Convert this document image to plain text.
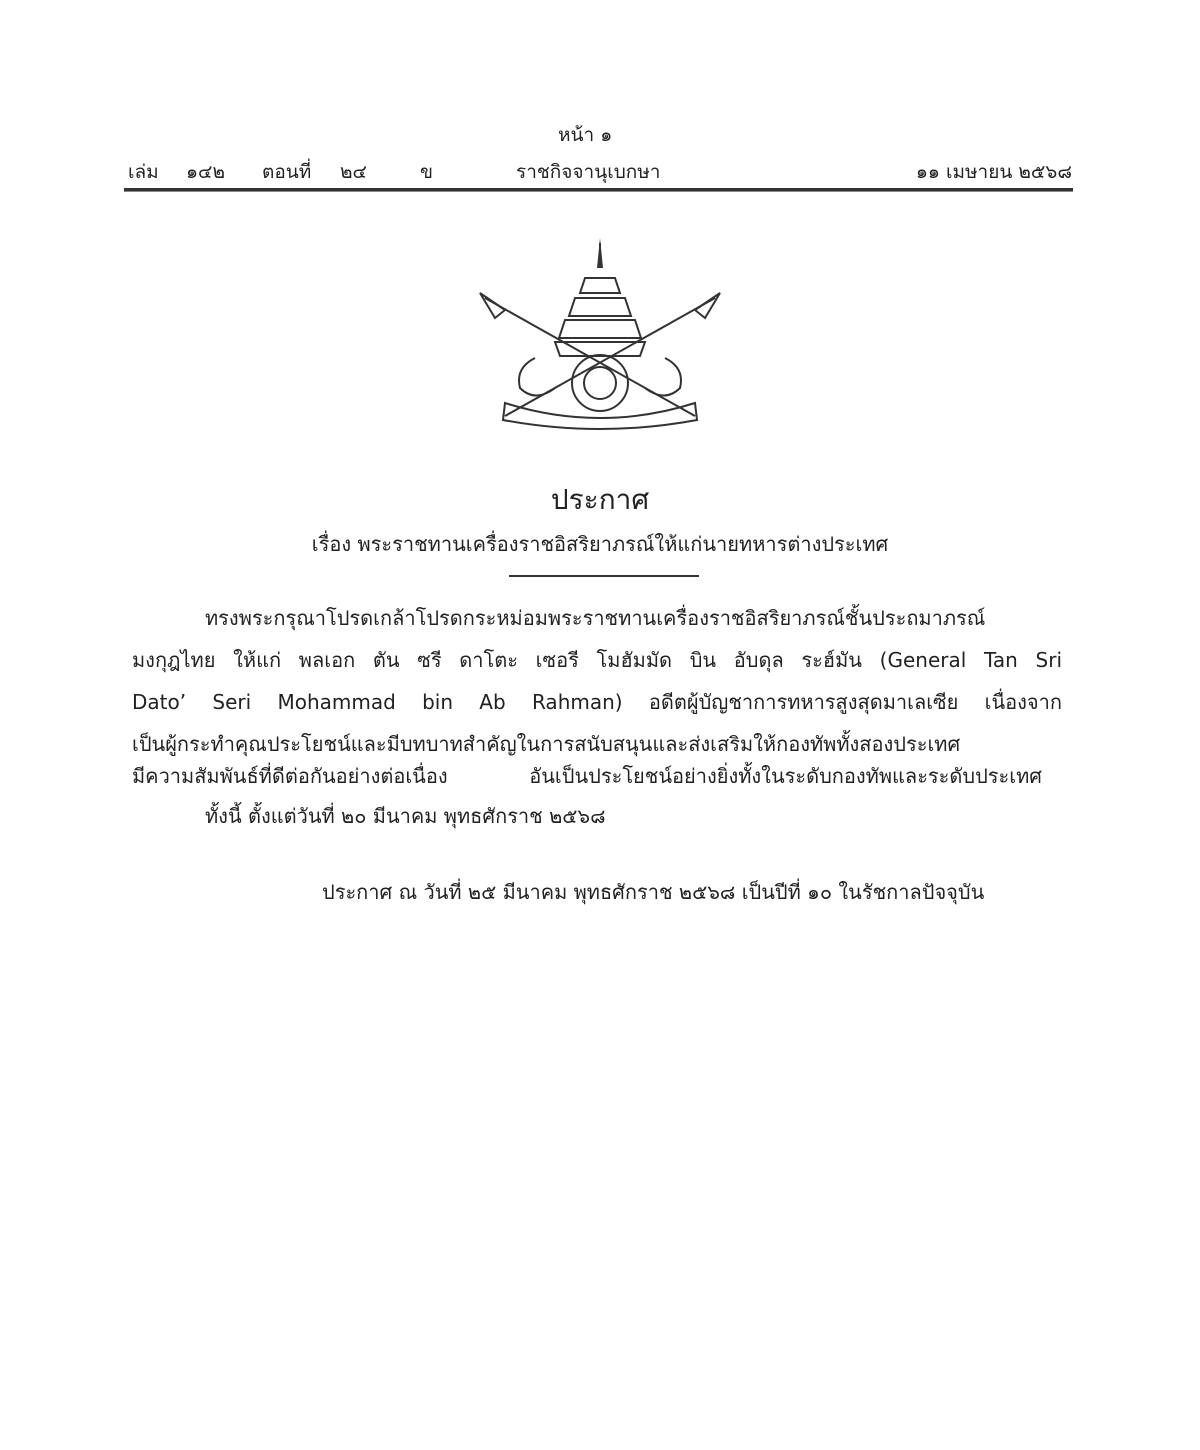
หน้า ๑
เล่ม ๑๔๒ ตอนที่ ๒๔	ข	ราชกิจจานุเบกษา	๑๑ เมษายน ๒๕๖๘
ประกาศ
เรื่อง พระราชทานเครื่องราชอิสริยาภรณ์ให้แก่นายทหารต่างประเทศ
ทรงพระกรุณาโปรดเกล้าโปรดกระหม่อมพระราชทานเครื่องราชอิสริยาภรณ์ชั้นประถมาภรณ์
มงกุฎไทย ให้แก่ พลเอก ตัน ซรี ดาโตะ เซอรี โมฮัมมัด บิน อับดุล ระฮ์มัน (General Tan Sri
Dato’ Seri Mohammad bin Ab Rahman) อดีตผู้บัญชาการทหารสูงสุดมาเลเซีย เนื่องจาก
เป็นผู้กระทำคุณประโยชน์และมีบทบาทสำคัญในการสนับสนุนและส่งเสริมให้กองทัพทั้งสองประเทศ
มีความสัมพันธ์ที่ดีต่อกันอย่างต่อเนื่อง อันเป็นประโยชน์อย่างยิ่งทั้งในระดับกองทัพและระดับประเทศ
ทั้งนี้ ตั้งแต่วันที่ ๒๐ มีนาคม พุทธศักราช ๒๕๖๘
ประกาศ ณ วันที่ ๒๕ มีนาคม พุทธศักราช ๒๕๖๘ เป็นปีที่ ๑๐ ในรัชกาลปัจจุบัน
